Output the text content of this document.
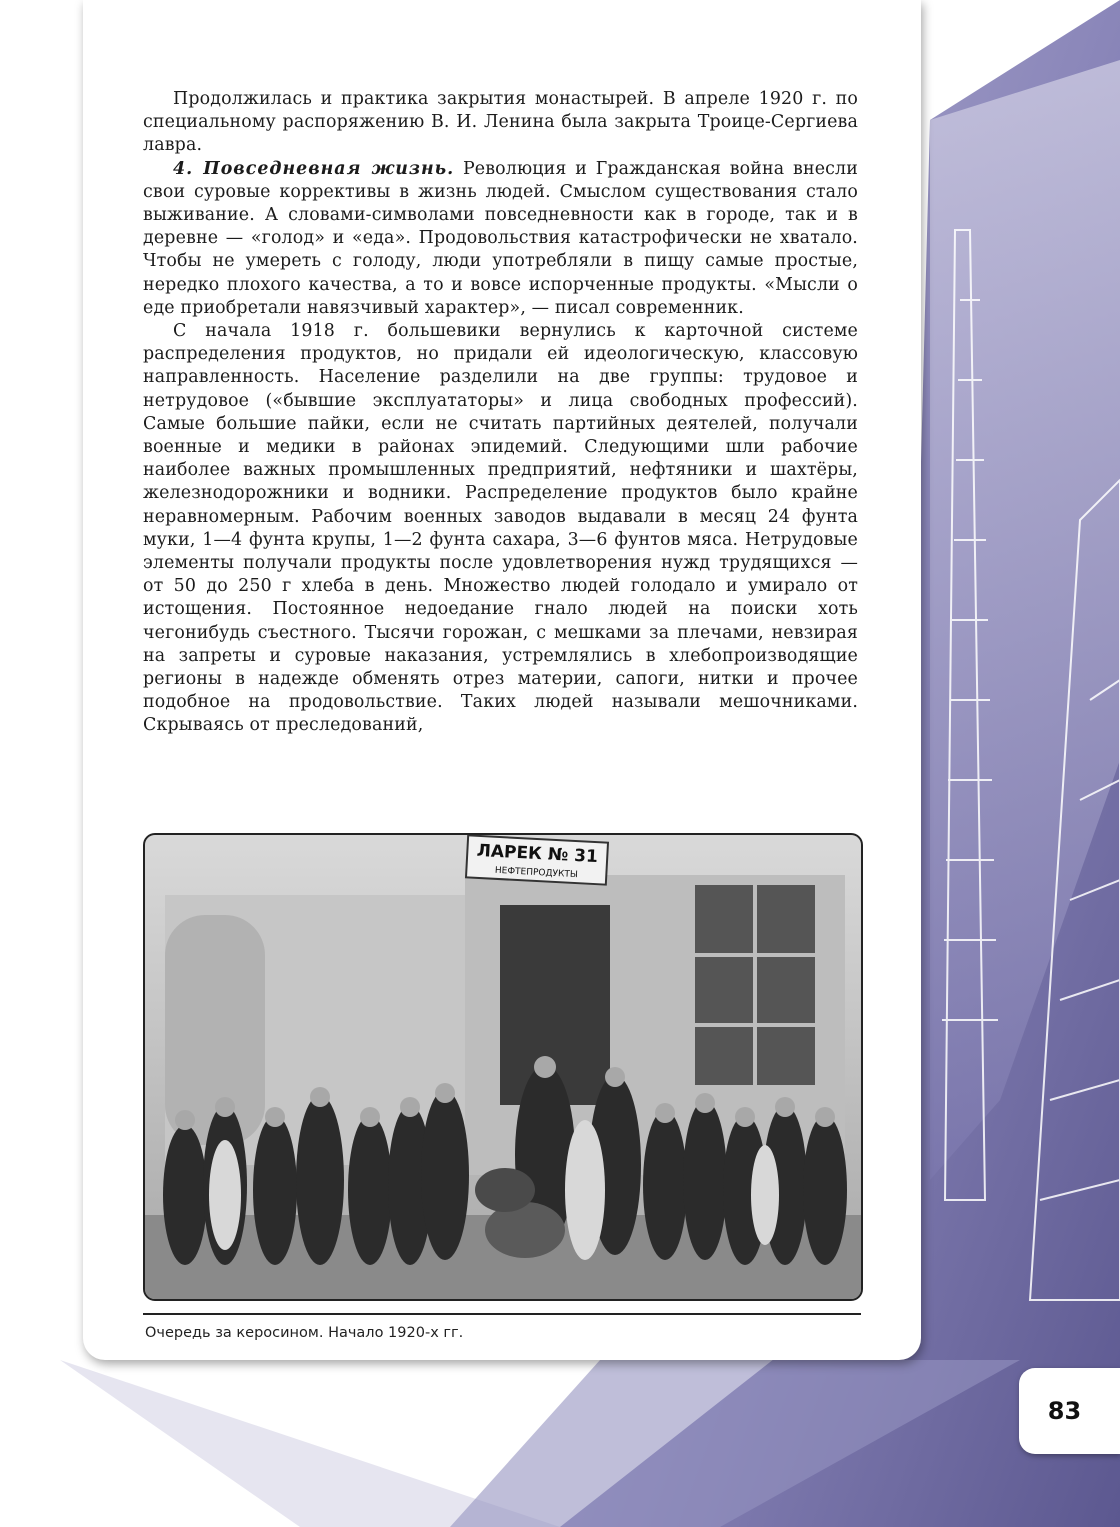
Продолжилась и практика закрытия монастырей. В апреле 1920 г. по специальному распоряжению В. И. Ленина была закрыта Троице-Сергиева лавра.

4. Повседневная жизнь. Революция и Гражданская война внесли свои суровые коррективы в жизнь людей. Смыслом существования стало выживание. А словами-символами повседневности как в городе, так и в деревне — «голод» и «еда». Продовольствия катастрофически не хватало. Чтобы не умереть с голоду, люди употребляли в пищу самые простые, нередко плохого качества, а то и вовсе испорченные продукты. «Мысли о еде приобретали навязчивый характер», — писал современник.

С начала 1918 г. большевики вернулись к карточной системе распределения продуктов, но придали ей идеологическую, классовую направленность. Население разделили на две группы: трудовое и нетрудовое («бывшие эксплуататоры» и лица свободных профессий). Самые большие пайки, если не считать партийных деятелей, получали военные и медики в районах эпидемий. Следующими шли рабочие наиболее важных промышленных предприятий, нефтяники и шахтёры, железнодорожники и водники. Распределение продуктов было крайне неравномерным. Рабочим военных заводов выдавали в месяц 24 фунта муки, 1—4 фунта крупы, 1—2 фунта сахара, 3—6 фунтов мяса. Нетрудовые элементы получали продукты после удовлетворения нужд трудящихся — от 50 до 250 г хлеба в день. Множество людей голодало и умирало от истощения. Постоянное недоедание гнало людей на поиски хоть чегонибудь съестного. Тысячи горожан, с мешками за плечами, невзирая на запреты и суровые наказания, устремлялись в хлебопроизводящие регионы в надежде обменять отрез материи, сапоги, нитки и прочее подобное на продовольствие. Таких людей называли мешочниками. Скрываясь от преследований,

ЛАРЕК № 31
НЕФТЕПРОДУКТЫ
Очередь за керосином. Начало 1920-х гг.
83
